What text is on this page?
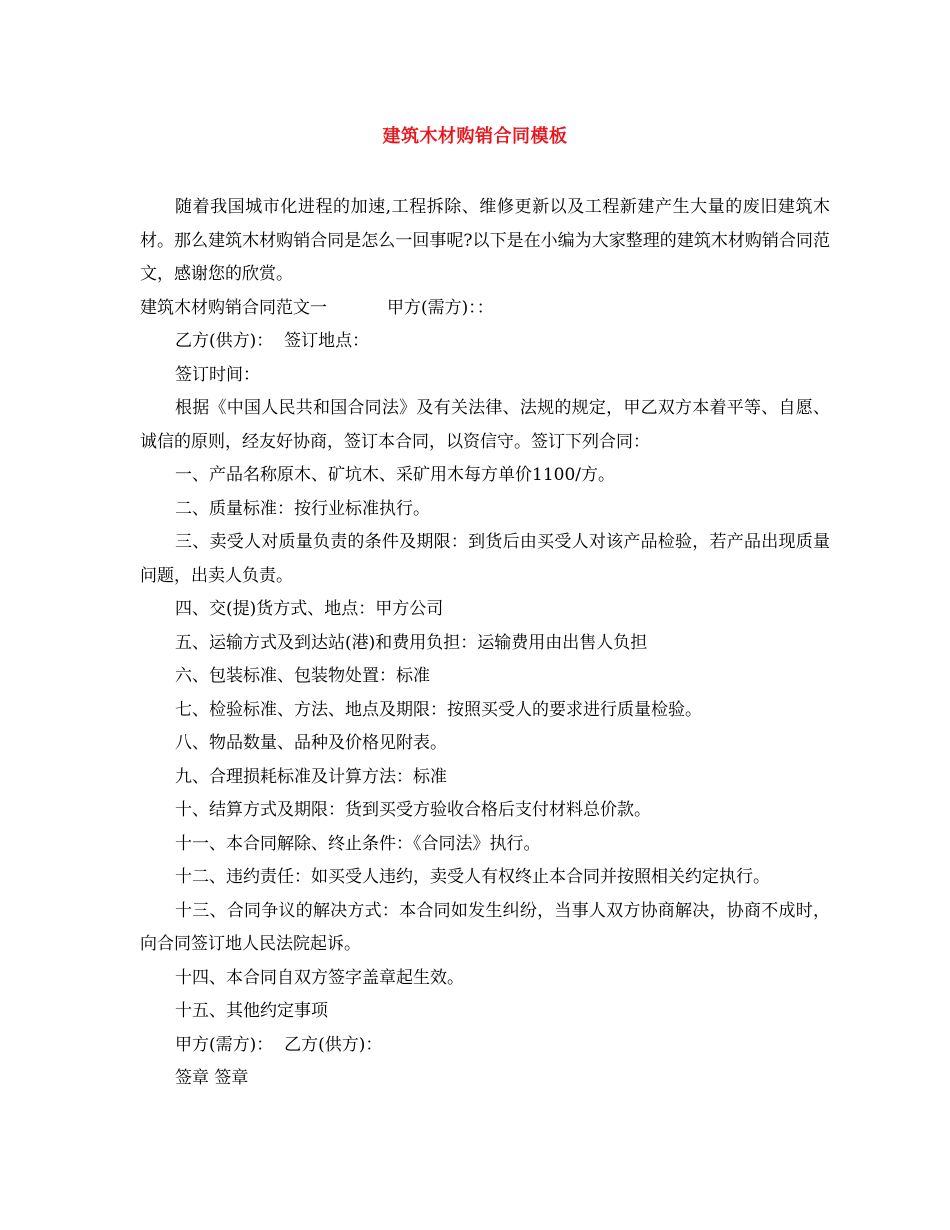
建筑木材购销合同模板

随着我国城市化进程的加速,工程拆除、维修更新以及工程新建产生大量的废旧建筑木材。那么建筑木材购销合同是怎么一回事呢?以下是在小编为大家整理的建筑木材购销合同范文，感谢您的欣赏。

建筑木材购销合同范文一	甲方(需方)：：

乙方(供方)：  签订地点：

签订时间：

根据《中国人民共和国合同法》及有关法律、法规的规定，甲乙双方本着平等、自愿、诚信的原则，经友好协商，签订本合同，以资信守。签订下列合同：

一、产品名称原木、矿坑木、采矿用木每方单价1100/方。

二、质量标准：按行业标准执行。

三、卖受人对质量负责的条件及期限：到货后由买受人对该产品检验，若产品出现质量问题，出卖人负责。

四、交(提)货方式、地点：甲方公司

五、运输方式及到达站(港)和费用负担：运输费用由出售人负担

六、包装标准、包装物处置：标准

七、检验标准、方法、地点及期限：按照买受人的要求进行质量检验。

八、物品数量、品种及价格见附表。

九、合理损耗标准及计算方法：标准

十、结算方式及期限：货到买受方验收合格后支付材料总价款。

十一、本合同解除、终止条件：《合同法》执行。

十二、违约责任：如买受人违约，卖受人有权终止本合同并按照相关约定执行。

十三、合同争议的解决方式：本合同如发生纠纷，当事人双方协商解决，协商不成时，向合同签订地人民法院起诉。

十四、本合同自双方签字盖章起生效。

十五、其他约定事项

甲方(需方)：  乙方(供方)：

签章 签章
